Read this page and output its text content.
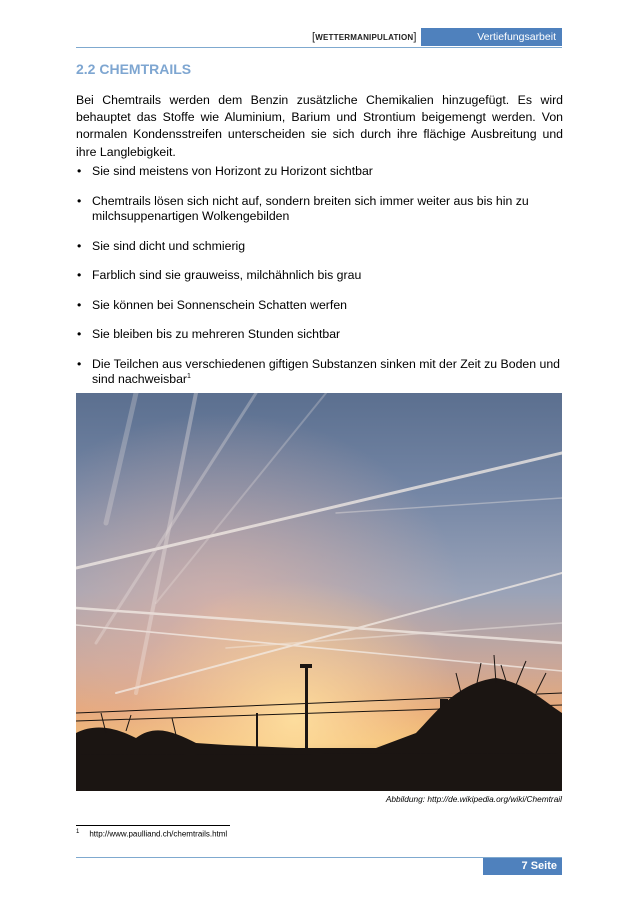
[WETTERMANIPULATION]	Vertiefungsarbeit
2.2 CHEMTRAILS
Bei Chemtrails werden dem Benzin zusätzliche Chemikalien hinzugefügt. Es wird behauptet das Stoffe wie Aluminium, Barium und Strontium beigemengt werden. Von normalen Kondensstreifen unterscheiden sie sich durch ihre flächige Ausbreitung und ihre Langlebigkeit.
• Sie sind meistens von Horizont zu Horizont sichtbar
• Chemtrails lösen sich nicht auf, sondern breiten sich immer weiter aus bis hin zu milchsuppenartigen Wolkengebilden
• Sie sind dicht und schmierig
• Farblich sind sie grauweiss, milchähnlich bis grau
• Sie können bei Sonnenschein Schatten werfen
• Sie bleiben bis zu mehreren Stunden sichtbar
• Die Teilchen aus verschiedenen giftigen Substanzen sinken mit der Zeit zu Boden und sind nachweisbar$^1$
Abbildung: http://de.wikipedia.org/wiki/Chemtrail
$^1$ http://www.paulliand.ch/chemtrails.html
7 Seite
